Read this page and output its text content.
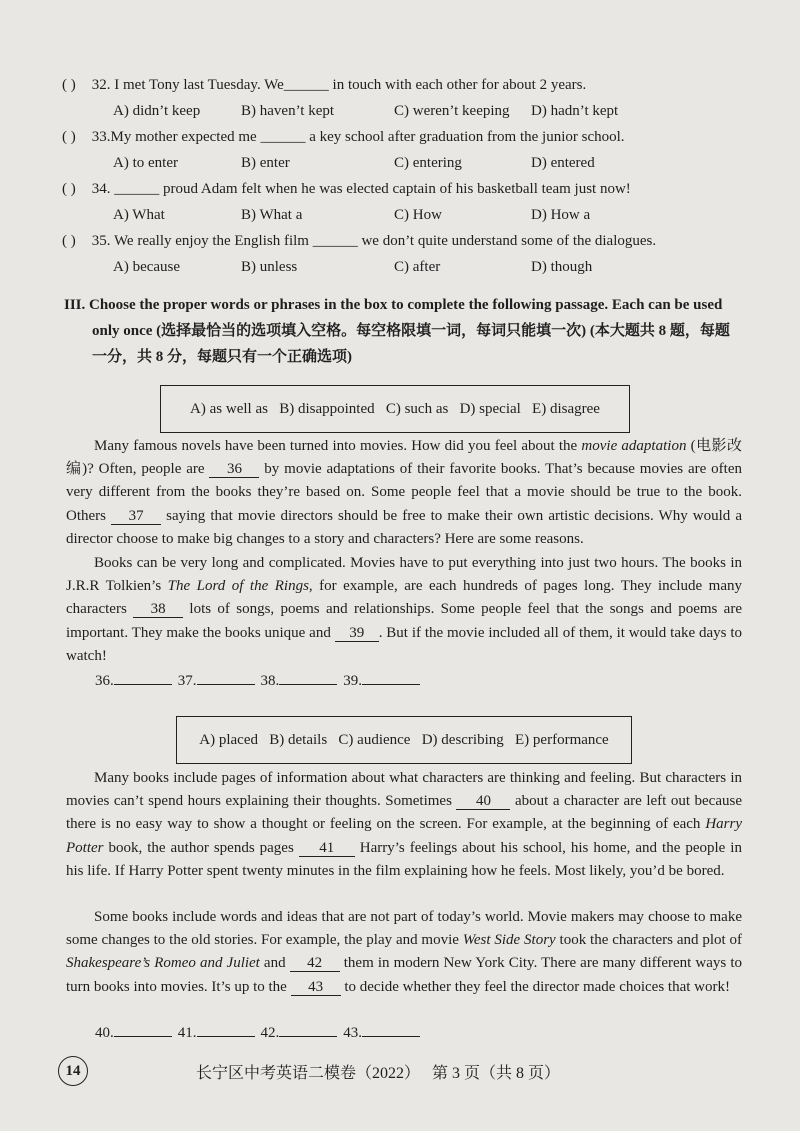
( ) 32. I met Tony last Tuesday. We______ in touch with each other for about 2 years.
A) didn’t keep	B) haven’t kept	C) weren’t keeping D) hadn’t kept
( ) 33.My mother expected me ______ a key school after graduation from the junior school.
A) to enter	B) enter	C) entering	D) entered
( ) 34. ______ proud Adam felt when he was elected captain of his basketball team just now!
A) What	B) What a	C) How	D) How a
( ) 35. We really enjoy the English film ______ we don’t quite understand some of the dialogues.
A) because	B) unless	C) after	D) though
III. Choose the proper words or phrases in the box to complete the following passage. Each can be used
only once (选择最恰当的选项填入空格。每空格限填一词，每词只能填一次) (本大题共 8 题，每题
一分，共 8 分，每题只有一个正确选项)
A) as well as   B) disappointed   C) such as   D) special   E) disagree
Many famous novels have been turned into movies. How did you feel about the movie adaptation (电影改编)? Often, people are 36 by movie adaptations of their favorite books. That’s because movies are often very different from the books they’re based on. Some people feel that a movie should be true to the book. Others 37 saying that movie directors should be free to make their own artistic decisions. Why would a director choose to make big changes to a story and characters? Here are some reasons.
Books can be very long and complicated. Movies have to put everything into just two hours. The books in J.R.R Tolkien’s The Lord of the Rings, for example, are each hundreds of pages long. They include many characters 38 lots of songs, poems and relationships. Some people feel that the songs and poems are important. They make the books unique and 39 . But if the movie included all of them, it would take days to watch!
36.	37.	38.	39.
A) placed   B) details   C) audience   D) describing   E) performance
Many books include pages of information about what characters are thinking and feeling. But characters in movies can’t spend hours explaining their thoughts. Sometimes 40 about a character are left out because there is no easy way to show a thought or feeling on the screen. For example, at the beginning of each Harry Potter book, the author spends pages 41 Harry’s feelings about his school, his home, and the people in his life. If Harry Potter spent twenty minutes in the film explaining how he feels. Most likely, you’d be bored.
Some books include words and ideas that are not part of today’s world. Movie makers may choose to make some changes to the old stories. For example, the play and movie West Side Story took the characters and plot of Shakespeare’s Romeo and Juliet and 42 them in modern New York City. There are many different ways to turn books into movies. It’s up to the 43 to decide whether they feel the director made choices that work!
40.	41.	42.	43.
14	长宁区中考英语二模卷（2022）   第 3 页（共 8 页）
